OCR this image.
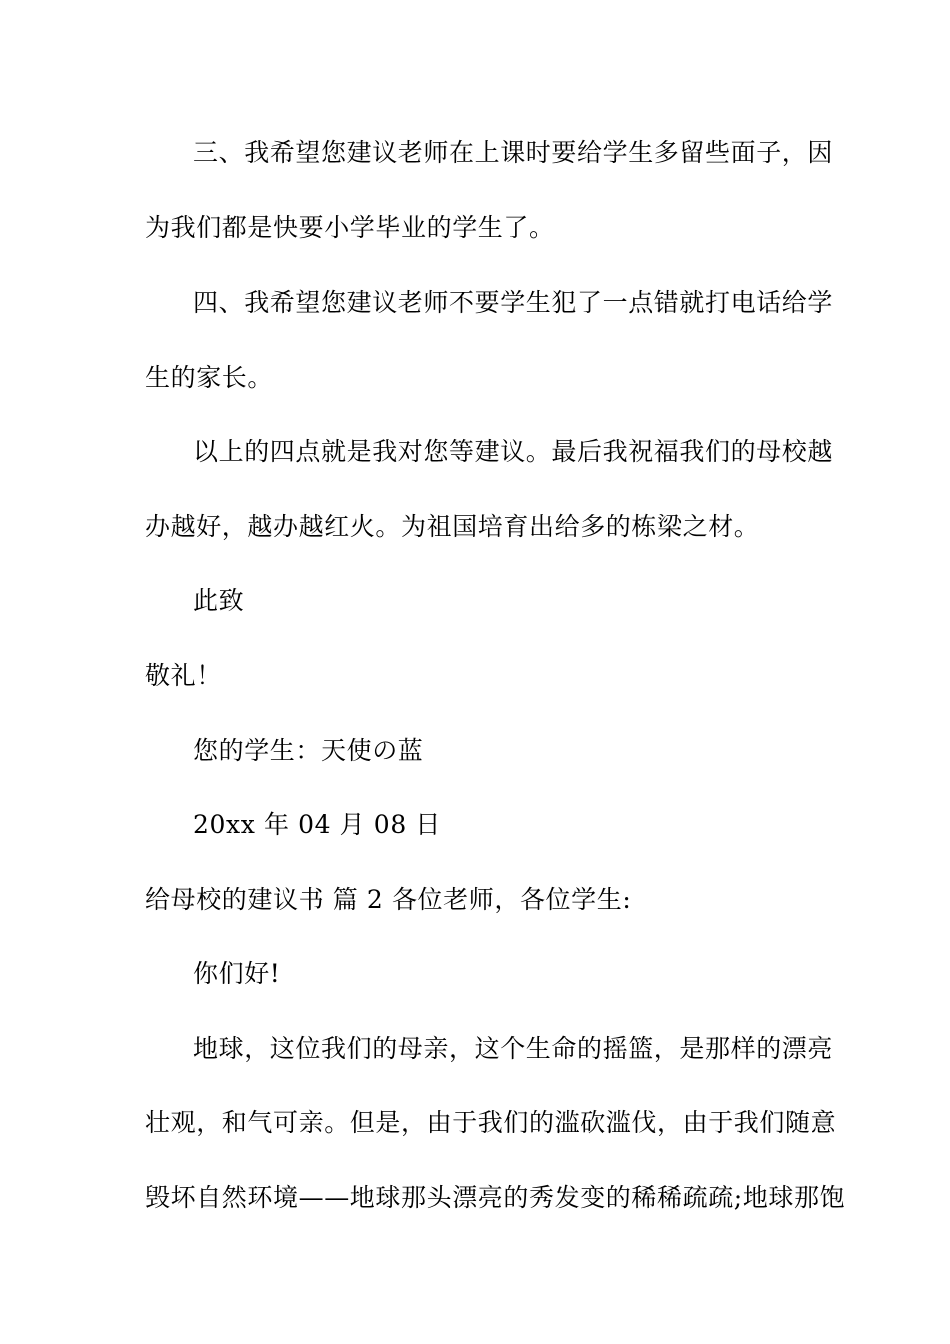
三、我希望您建议老师在上课时要给学生多留些面子，因
为我们都是快要小学毕业的学生了。
四、我希望您建议老师不要学生犯了一点错就打电话给学
生的家长。
以上的四点就是我对您等建议。最后我祝福我们的母校越
办越好，越办越红火。为祖国培育出给多的栋梁之材。
此致
敬礼！
您的学生：天使の蓝
20xx 年 04 月 08 日
给母校的建议书 篇 2 各位老师，各位学生:
你们好!
地球，这位我们的母亲，这个生命的摇篮，是那样的漂亮
壮观，和气可亲。但是，由于我们的滥砍滥伐，由于我们随意
毁坏自然环境——地球那头漂亮的秀发变的稀稀疏疏;地球那饱
